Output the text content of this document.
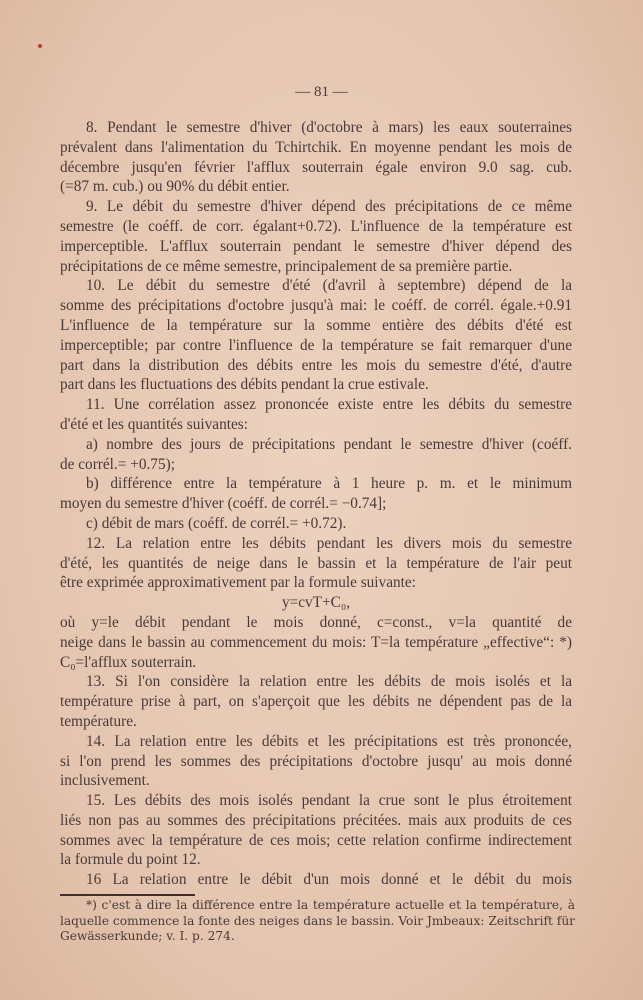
— 81 —
8. Pendant le semestre d'hiver (d'octobre à mars) les eaux souterraines
prévalent dans l'alimentation du Tchirtchik. En moyenne pendant les mois de
décembre jusqu'en février l'afflux souterrain égale environ 9.0 sag. cub.
(=87 m. cub.) ou 90% du débit entier.
9. Le débit du semestre d'hiver dépend des précipitations de ce même
semestre (le coéff. de corr. égalant+0.72). L'influence de la température est
imperceptible. L'afflux souterrain pendant le semestre d'hiver dépend des
précipitations de ce même semestre, principalement de sa première partie.
10. Le débit du semestre d'été (d'avril à septembre) dépend de la
somme des précipitations d'octobre jusqu'à mai: le coéff. de corrél. égale.+0.91
L'influence de la température sur la somme entière des débits d'été est
imperceptible; par contre l'influence de la température se fait remarquer d'une
part dans la distribution des débits entre les mois du semestre d'été, d'autre
part dans les fluctuations des débits pendant la crue estivale.
11. Une corrélation assez prononcée existe entre les débits du semestre
d'été et les quantités suivantes:
a) nombre des jours de précipitations pendant le semestre d'hiver (coéff.
de corrél.= +0.75);
b) différence entre la température à 1 heure p. m. et le minimum
moyen du semestre d'hiver (coéff. de corrél.= −0.74];
c) débit de mars (coéff. de corrél.= +0.72).
12. La relation entre les débits pendant les divers mois du semestre
d'été, les quantités de neige dans le bassin et la température de l'air peut
être exprimée approximativement par la formule suivante:
y=cvT+C₀,
où y=le débit pendant le mois donné, c=const., v=la quantité de
neige dans le bassin au commencement du mois: T=la température „effective“: *)
C₀=l'afflux souterrain.
13. Si l'on considère la relation entre les débits de mois isolés et la
température prise à part, on s'aperçoit que les débits ne dépendent pas de la
température.
14. La relation entre les débits et les précipitations est très prononcée,
si l'on prend les sommes des précipitations d'octobre jusqu' au mois donné
inclusivement.
15. Les débits des mois isolés pendant la crue sont le plus étroitement
liés non pas au sommes des précipitations précitées. mais aux produits de ces
sommes avec la température de ces mois; cette relation confirme indirectement
la formule du point 12.
16 La relation entre le débit d'un mois donné et le débit du mois
*) c'est à dire la différence entre la température actuelle et la température, à
laquelle commence la fonte des neiges dans le bassin. Voir Jmbeaux: Zeitschrift für
Gewässerkunde; v. I. p. 274.
